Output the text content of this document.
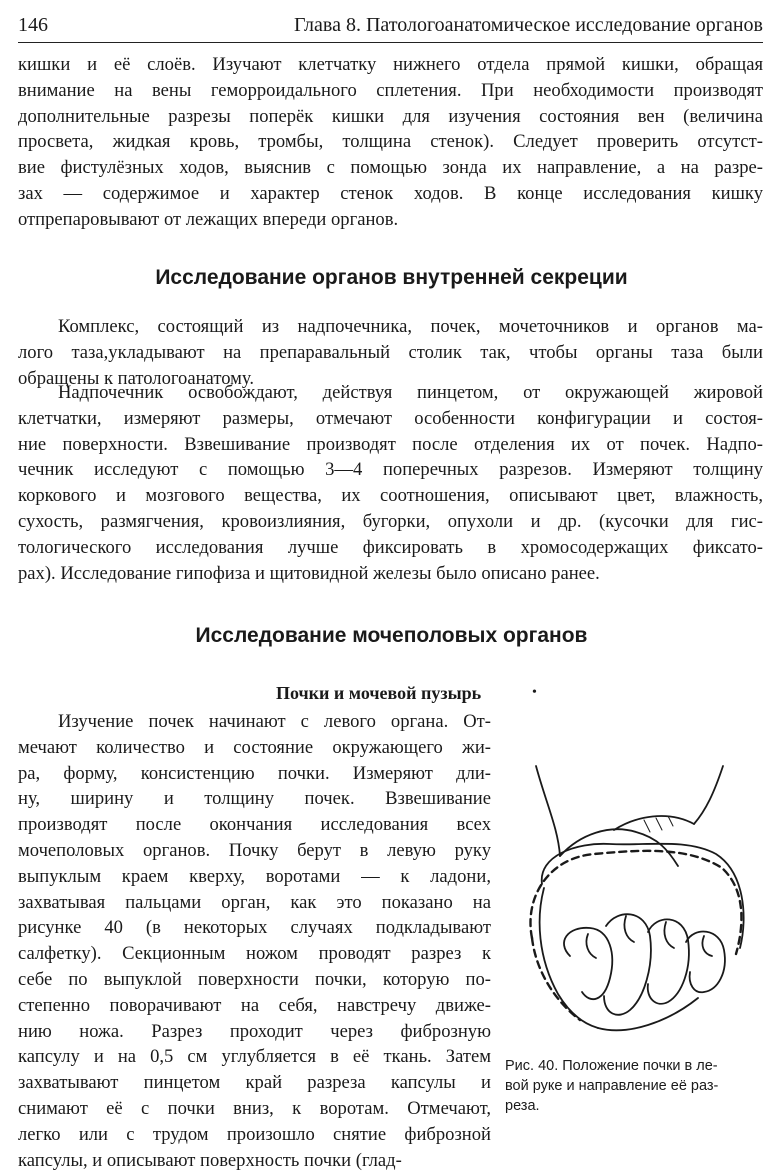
146	Глава 8. Патологоанатомическое исследование органов

кишки и её слоёв. Изучают клетчатку нижнего отдела прямой кишки, обращая
внимание на вены геморроидального сплетения. При необходимости производят
дополнительные разрезы поперёк кишки для изучения состояния вен (величина
просвета, жидкая кровь, тромбы, толщина стенок). Следует проверить отсутст-
вие фистулёзных ходов, выяснив с помощью зонда их направление, а на разре-
зах — содержимое и характер стенок ходов. В конце исследования кишку
отпрепаровывают от лежащих впереди органов.

Исследование органов внутренней секреции

Комплекс, состоящий из надпочечника, почек, мочеточников и органов ма-
лого таза,укладывают на препаравальный столик так, чтобы органы таза были
обращены к патологоанатому.

Надпочечник освобождают, действуя пинцетом, от окружающей жировой
клетчатки, измеряют размеры, отмечают особенности конфигурации и состоя-
ние поверхности. Взвешивание производят после отделения их от почек. Надпо-
чечник исследуют с помощью 3—4 поперечных разрезов. Измеряют толщину
коркового и мозгового вещества, их соотношения, описывают цвет, влажность,
сухость, размягчения, кровоизлияния, бугорки, опухоли и др. (кусочки для гис-
тологического исследования лучше фиксировать в хромосодержащих фиксато-
рах). Исследование гипофиза и щитовидной железы было описано ранее.

Исследование мочеполовых органов
Почки и мочевой пузырь	•

Изучение почек начинают с левого органа. От-
мечают количество и состояние окружающего жи-
ра, форму, консистенцию почки. Измеряют дли-
ну, ширину и толщину почек. Взвешивание
производят после окончания исследования всех
мочеполовых органов. Почку берут в левую руку
выпуклым краем кверху, воротами — к ладони,
захватывая пальцами орган, как это показано на
рисунке 40 (в некоторых случаях подкладывают
салфетку). Секционным ножом проводят разрез к
себе по выпуклой поверхности почки, которую по-
степенно поворачивают на себя, навстречу движе-
нию ножа. Разрез проходит через фиброзную
капсулу и на 0,5 см углубляется в её ткань. Затем
захватывают пинцетом край разреза капсулы и
снимают её с почки вниз, к воротам. Отмечают,
легко или с трудом произошло снятие фиброзной
капсулы, и описывают поверхность почки (глад-

Рис. 40. Положение почки в ле-
вой руке и направление её раз-
реза.
